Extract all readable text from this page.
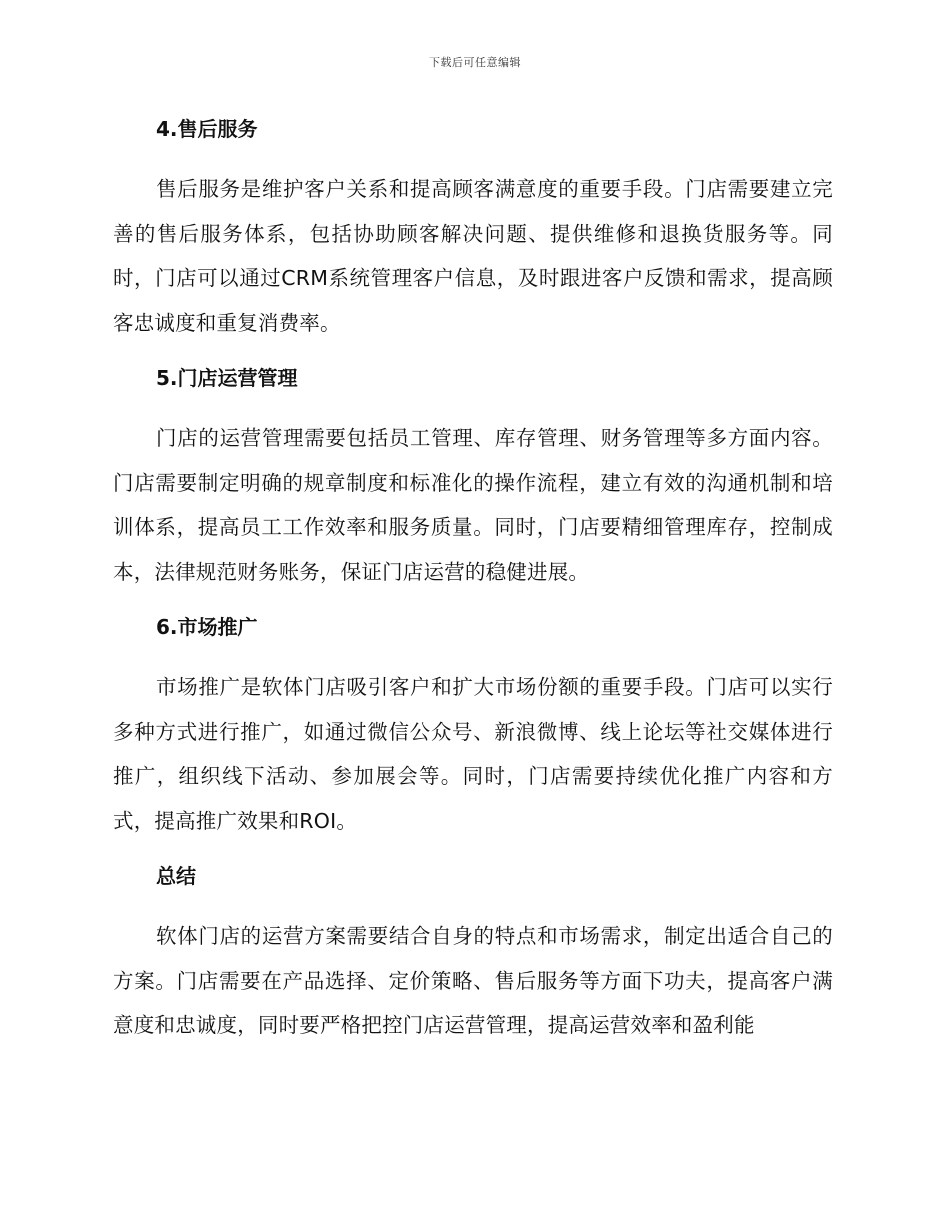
下载后可任意编辑
4.售后服务

售后服务是维护客户关系和提高顾客满意度的重要手段。门店需要建立完善的售后服务体系，包括协助顾客解决问题、提供维修和退换货服务等。同时，门店可以通过CRM系统管理客户信息，及时跟进客户反馈和需求，提高顾客忠诚度和重复消费率。

5.门店运营管理

门店的运营管理需要包括员工管理、库存管理、财务管理等多方面内容。门店需要制定明确的规章制度和标准化的操作流程，建立有效的沟通机制和培训体系，提高员工工作效率和服务质量。同时，门店要精细管理库存，控制成本，法律规范财务账务，保证门店运营的稳健进展。

6.市场推广

市场推广是软体门店吸引客户和扩大市场份额的重要手段。门店可以实行多种方式进行推广，如通过微信公众号、新浪微博、线上论坛等社交媒体进行推广，组织线下活动、参加展会等。同时，门店需要持续优化推广内容和方式，提高推广效果和ROI。

总结

软体门店的运营方案需要结合自身的特点和市场需求，制定出适合自己的方案。门店需要在产品选择、定价策略、售后服务等方面下功夫，提高客户满意度和忠诚度，同时要严格把控门店运营管理，提高运营效率和盈利能
